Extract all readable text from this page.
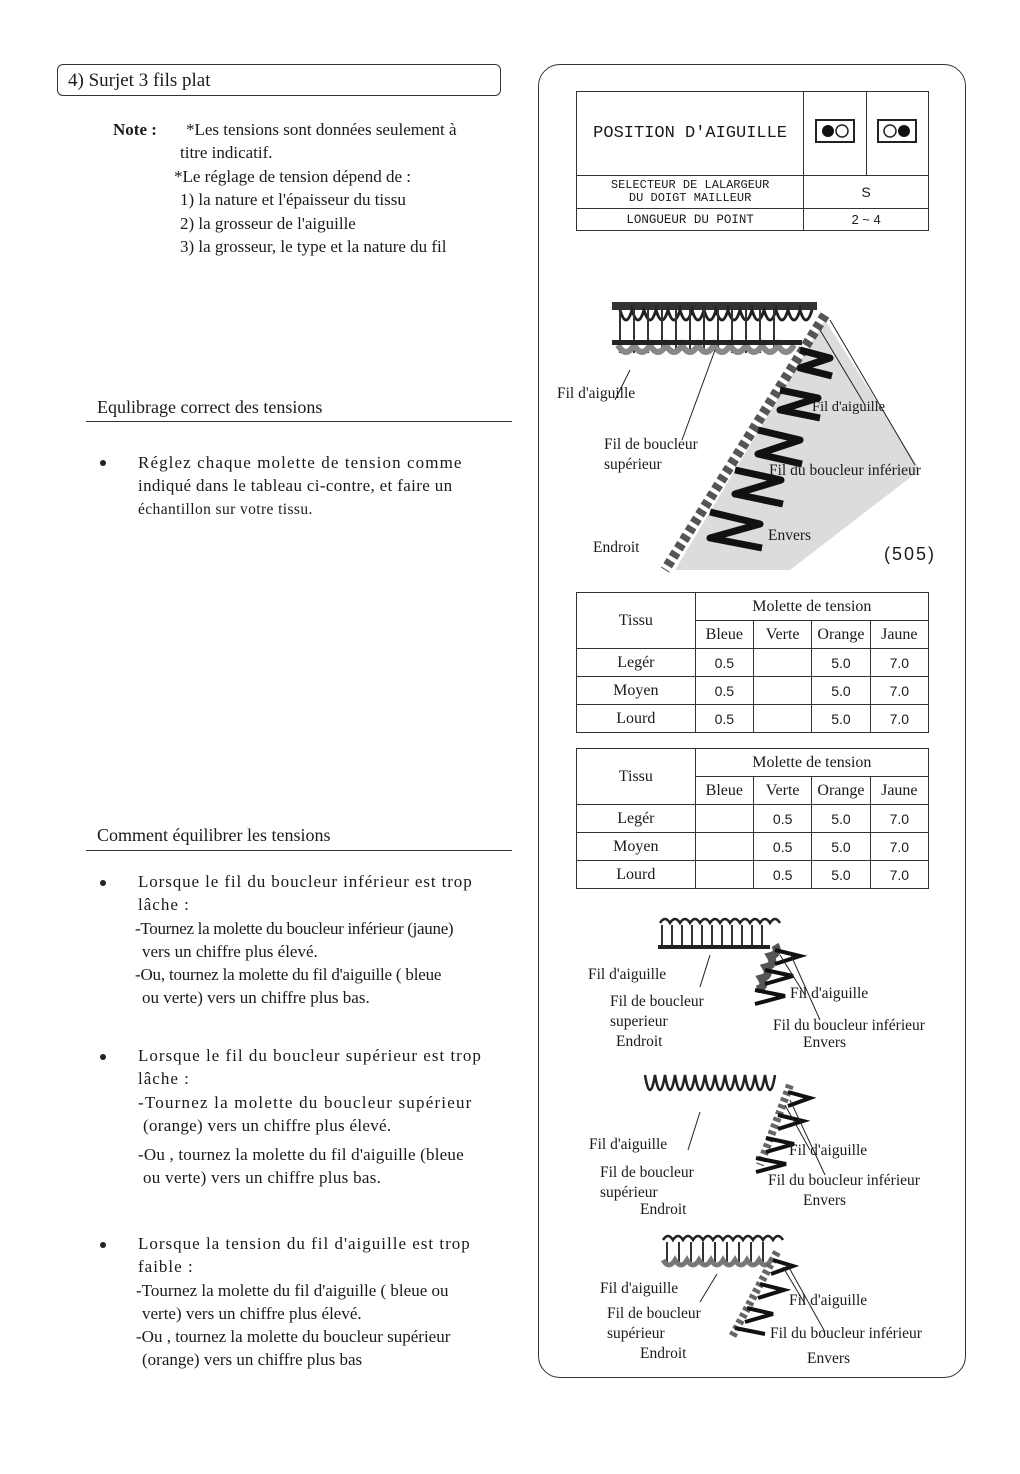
4) Surjet 3 fils plat
Note : *Les tensions sont données seulement à
titre indicatif.
*Le réglage de tension dépend de :
1) la nature et l'épaisseur du tissu
2) la grosseur de l'aiguille
3) la grosseur, le type et la nature du fil
Equlibrage correct des tensions
Réglez chaque molette de tension comme
indiqué dans le tableau ci-contre, et faire un
échantillon sur votre tissu.
Comment équilibrer les tensions
Lorsque le fil du boucleur inférieur est trop
lâche :
-Tournez la molette du boucleur inférieur (jaune)
vers un chiffre plus élevé.
-Ou, tournez la molette du fil d'aiguille ( bleue
ou verte) vers un chiffre plus bas.
Lorsque le fil du boucleur supérieur est trop
lâche :
-Tournez la molette du boucleur supérieur
(orange) vers un chiffre plus élevé.
-Ou , tournez la molette du fil d'aiguille (bleue
ou verte) vers un chiffre plus bas.
Lorsque la tension du fil d'aiguille est trop
faible :
-Tournez la molette du fil d'aiguille ( bleue ou
verte) vers un chiffre plus élevé.
-Ou , tournez la molette du boucleur supérieur
(orange) vers un chiffre plus bas
POSITION D'AIGUILLE		

SELECTEUR DE LALARGEUR
DU DOIGT MAILLEUR	S	
LONGUEUR DU POINT	2 ~ 4	
Fil d'aiguille
Fil de boucleur
supérieur
Fil d'aiguille
Fil du boucleur inférieur
Endroit
Envers
(505)
Tissu	Molette de tension			
	Bleue	Verte	Orange	Jaune
Legér	0.5		5.0	7.0
Moyen	0.5		5.0	7.0
Lourd	0.5		5.0	7.0
Tissu	Molette de tension			
	Bleue	Verte	Orange	Jaune
Legér		0.5	5.0	7.0
Moyen		0.5	5.0	7.0
Lourd		0.5	5.0	7.0
Fil d'aiguille
Fil de boucleur
superieur
Endroit
Fil d'aiguille
Fil du boucleur inférieur
Envers
Fil d'aiguille
Fil de boucleur
supérieur
Endroit
Fil d'aiguille
Fil du boucleur inférieur
Envers
Fil d'aiguille
Fil de boucleur
supérieur
Endroit
Fil d'aiguille
Fil du boucleur inférieur
Envers
